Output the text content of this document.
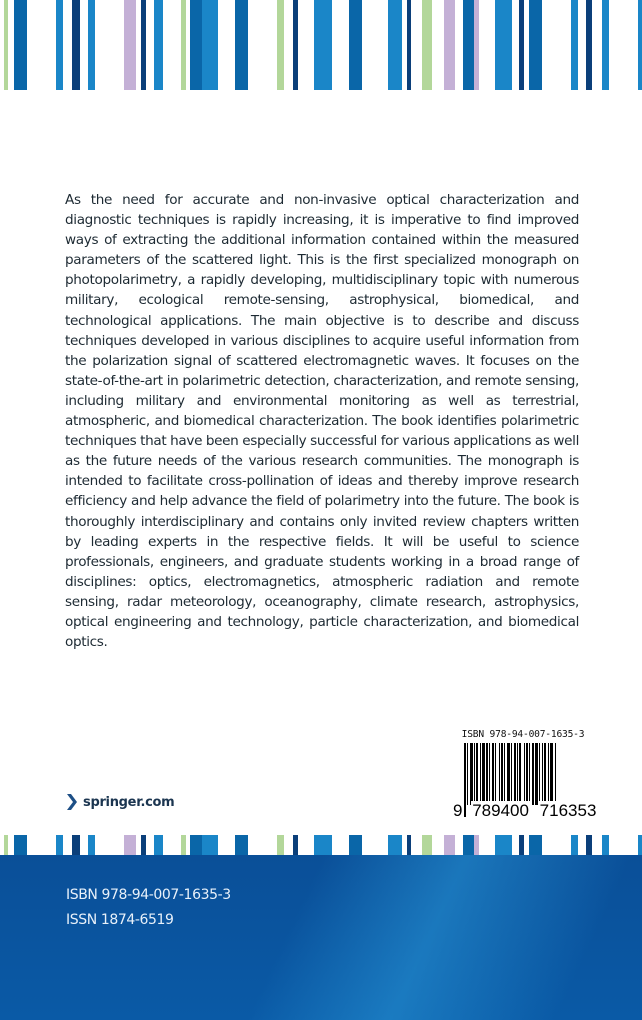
As the need for accurate and non-invasive optical characterization and diagnostic techniques is rapidly increasing, it is imperative to find improved ways of extracting the additional information contained within the measured parameters of the scattered light. This is the first specialized monograph on photopolarimetry, a rapidly developing, multidisciplinary topic with numerous military, ecological remote-sensing, astrophysical, biomedical, and technological applications. The main objective is to describe and discuss techniques developed in various disciplines to acquire useful information from the polarization signal of scattered electromagnetic waves. It focuses on the state-of-the-art in polarimetric detection, characterization, and remote sensing, including military and environmental monitoring as well as terrestrial, atmospheric, and biomedical characterization. The book identifies polarimetric techniques that have been especially successful for various applications as well as the future needs of the various research communities. The monograph is intended to facilitate cross-pollination of ideas and thereby improve research efficiency and help advance the field of polarimetry into the future. The book is thoroughly interdisciplinary and contains only invited review chapters written by leading experts in the respective fields. It will be useful to science professionals, engineers, and graduate students working in a broad range of disciplines: optics, electromagnetics, atmospheric radiation and remote sensing, radar meteorology, oceanography, climate research, astrophysics, optical engineering and technology, particle characterization, and biomedical optics.

springer.com
ISBN 978-94-007-1635-3
9 789400 716353
ISBN 978-94-007-1635-3
ISSN 1874-6519
